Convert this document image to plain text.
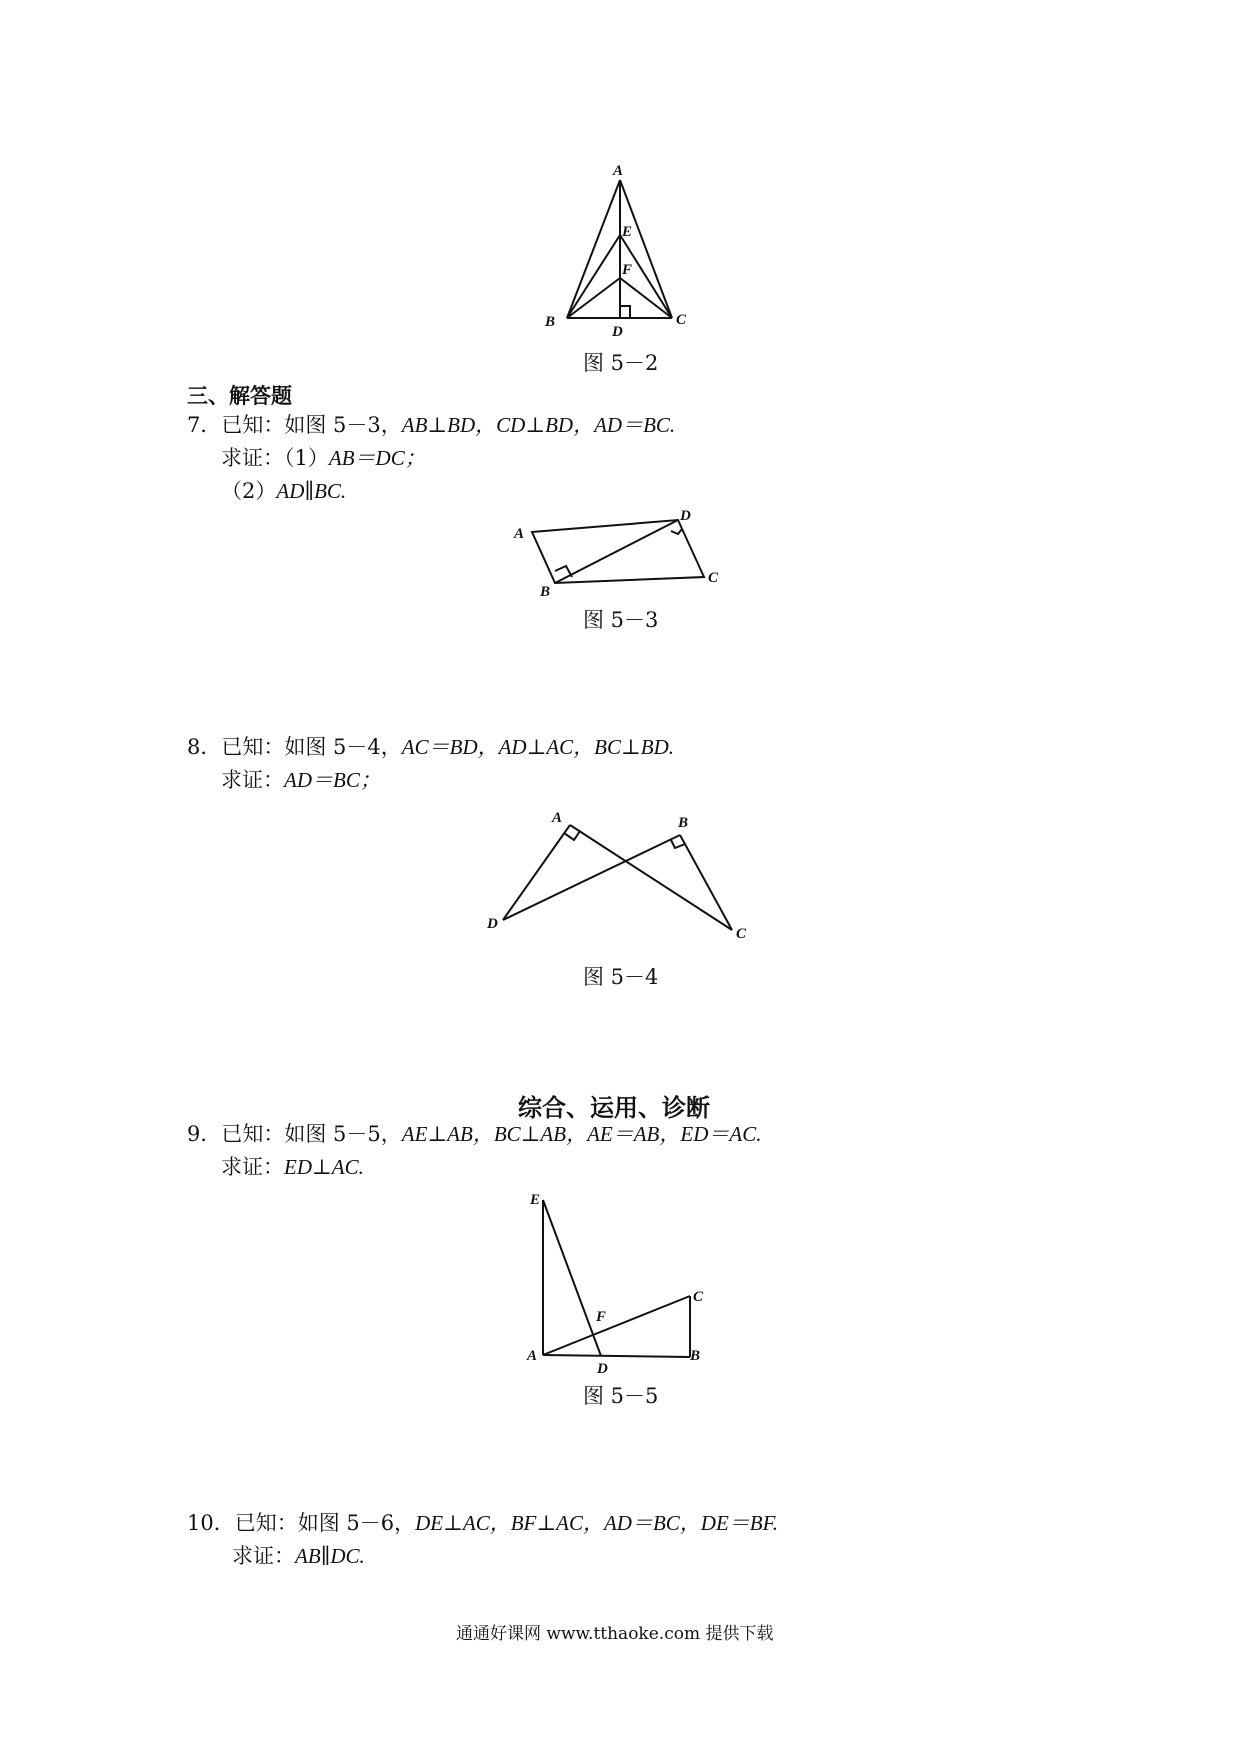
A
E
F
B
D
C
图 5－2
三、解答题
7．已知：如图 5－3，AB⊥BD，CD⊥BD，AD＝BC.
求证：（1）AB＝DC；
（2）AD∥BC.
A
D
B
C
图 5－3
8．已知：如图 5－4，AC＝BD，AD⊥AC，BC⊥BD.
求证：AD＝BC；
A	B
D
C
图 5－4
综合、运用、诊断
9．已知：如图 5－5，AE⊥AB，BC⊥AB，AE＝AB，ED＝AC.
求证：ED⊥AC.
E
C
F
A
D
B
图 5－5
10．已知：如图 5－6，DE⊥AC，BF⊥AC，AD＝BC，DE＝BF.
求证：AB∥DC.
通通好课网 www.tthaoke.com 提供下载
